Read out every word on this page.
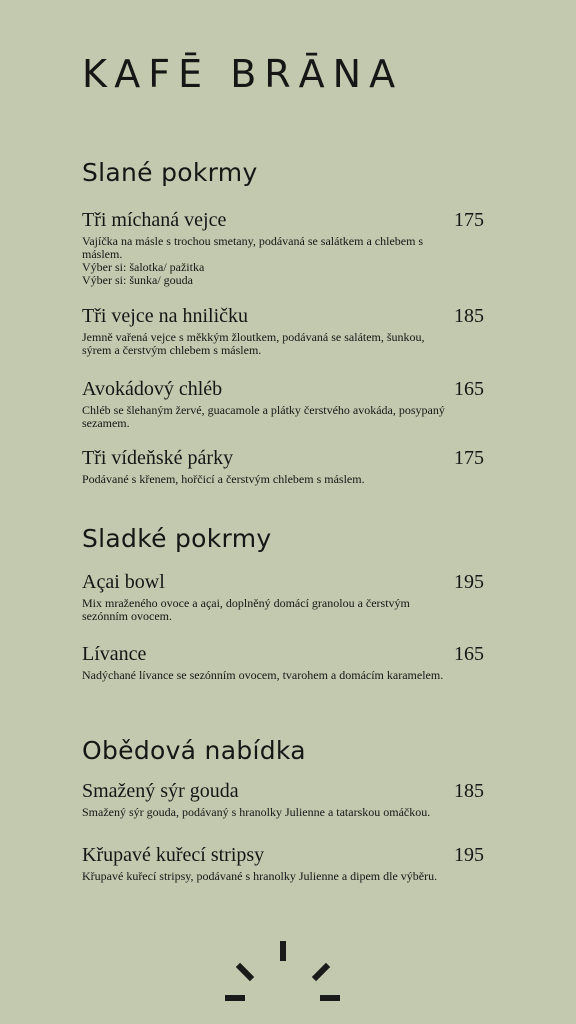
KAFĒ BRĀNA
Slané pokrmy
Tři míchaná vejce	175

Vajíčka na másle s trochou smetany, podávaná se salátkem a chlebem s máslem.

Výber si: šalotka/ pažitka

Výber si: šunka/ gouda

Tři vejce na hniličku	185

Jemně vařená vejce s měkkým žloutkem, podávaná se salátem, šunkou, sýrem a čerstvým chlebem s máslem.

Avokádový chléb	165

Chléb se šlehaným žervé, guacamole a plátky čerstvého avokáda, posypaný sezamem.

Tři vídeňské párky	175

Podávané s křenem, hořčicí a čerstvým chlebem s máslem.

Sladké pokrmy
Açai bowl	195

Mix mraženého ovoce a açai, doplněný domácí granolou a čerstvým sezónním ovocem.

Lívance	165

Nadýchané lívance se sezónním ovocem, tvarohem a domácím karamelem.

Obědová nabídka
Smažený sýr gouda	185

Smažený sýr gouda, podávaný s hranolky Julienne a tatarskou omáčkou.

Křupavé kuřecí stripsy	195

Křupavé kuřecí stripsy, podávané s hranolky Julienne a dipem dle výběru.
